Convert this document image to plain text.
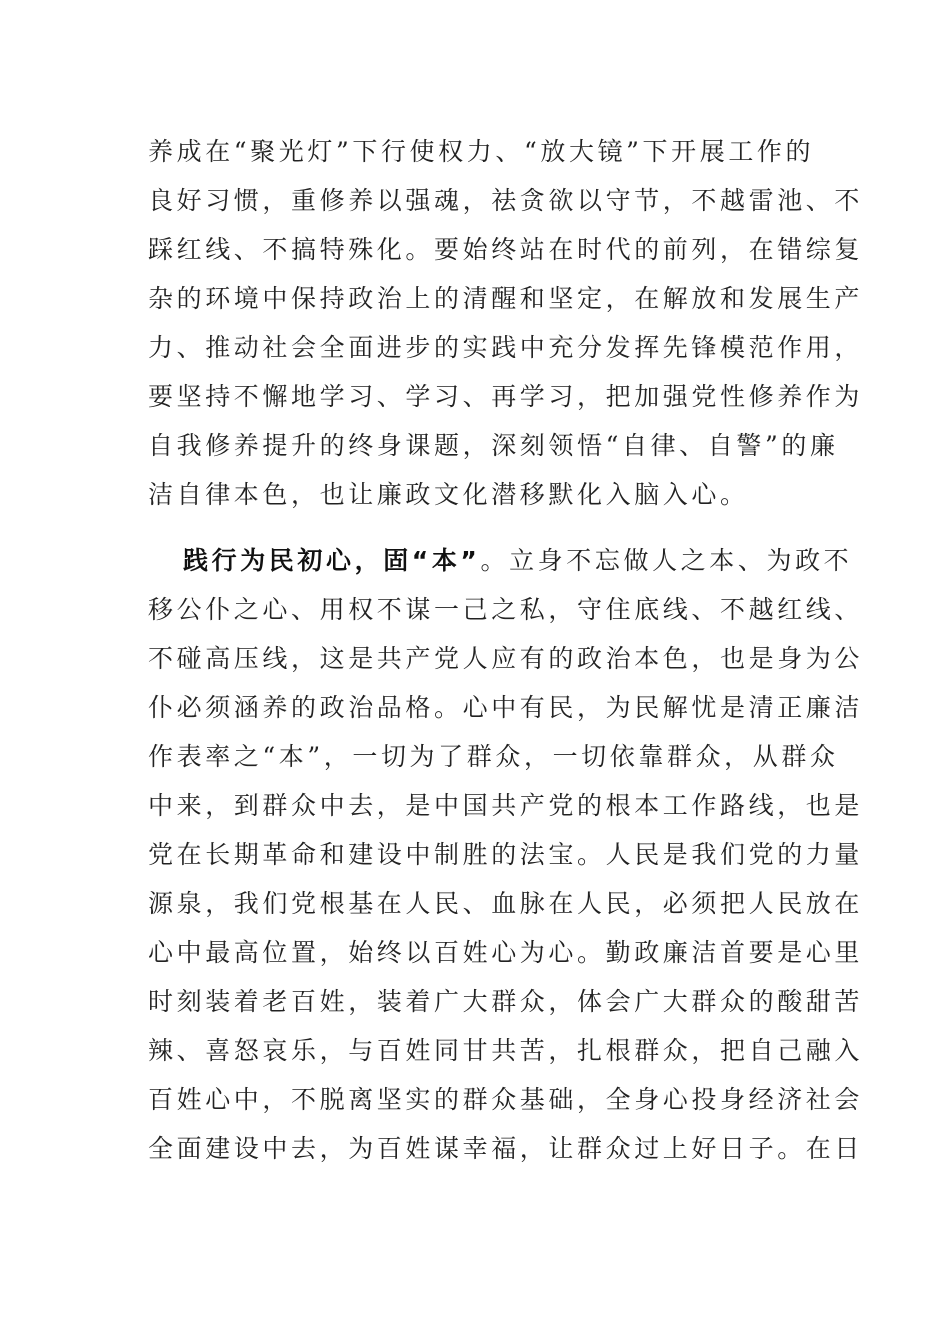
养成在“聚光灯”下行使权力、“放大镜”下开展工作的
良好习惯，重修养以强魂，祛贪欲以守节，不越雷池、不
踩红线、不搞特殊化。要始终站在时代的前列，在错综复
杂的环境中保持政治上的清醒和坚定，在解放和发展生产
力、推动社会全面进步的实践中充分发挥先锋模范作用，
要坚持不懈地学习、学习、再学习，把加强党性修养作为
自我修养提升的终身课题，深刻领悟“自律、自警”的廉
洁自律本色，也让廉政文化潜移默化入脑入心。
践行为民初心，固“本”。立身不忘做人之本、为政不
移公仆之心、用权不谋一己之私，守住底线、不越红线、
不碰高压线，这是共产党人应有的政治本色，也是身为公
仆必须涵养的政治品格。心中有民，为民解忧是清正廉洁
作表率之“本”，一切为了群众，一切依靠群众，从群众
中来，到群众中去，是中国共产党的根本工作路线，也是
党在长期革命和建设中制胜的法宝。人民是我们党的力量
源泉，我们党根基在人民、血脉在人民，必须把人民放在
心中最高位置，始终以百姓心为心。勤政廉洁首要是心里
时刻装着老百姓，装着广大群众，体会广大群众的酸甜苦
辣、喜怒哀乐，与百姓同甘共苦，扎根群众，把自己融入
百姓心中，不脱离坚实的群众基础，全身心投身经济社会
全面建设中去，为百姓谋幸福，让群众过上好日子。在日
